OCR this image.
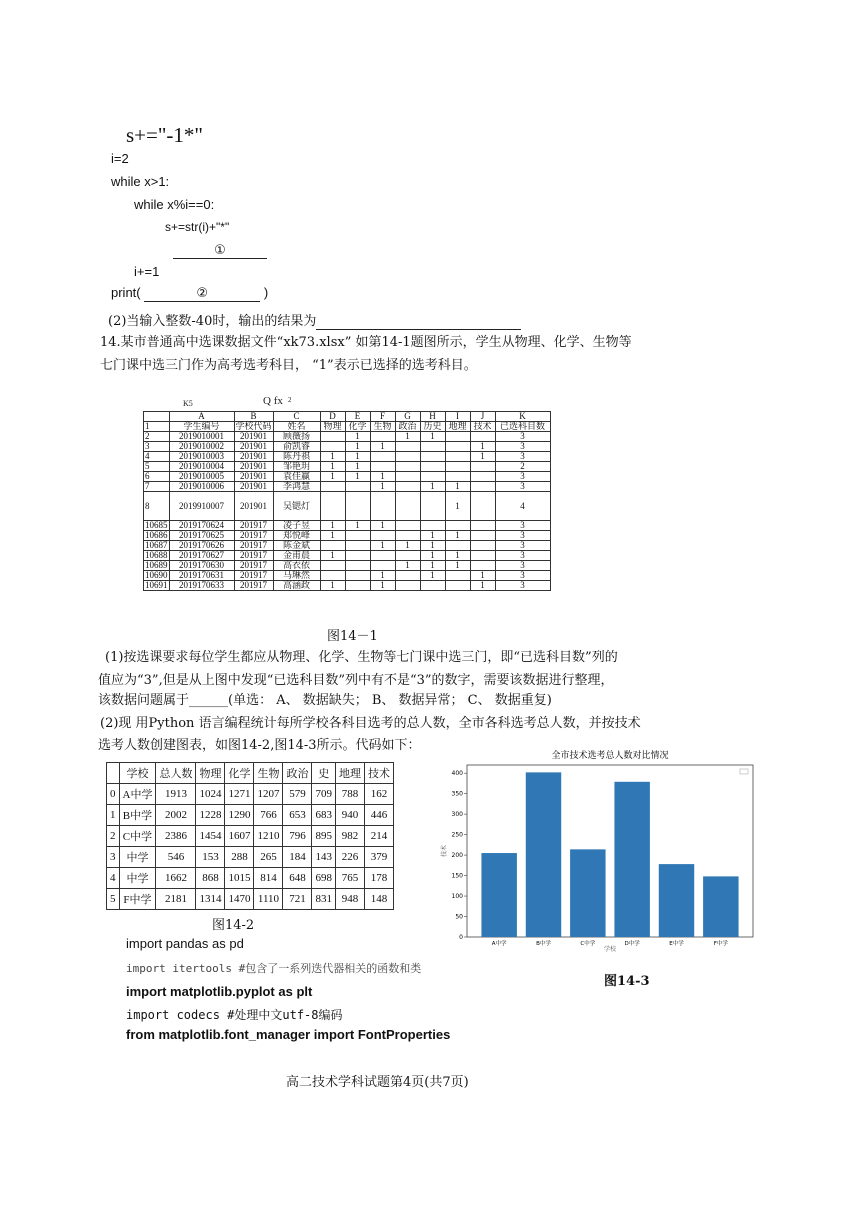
s+="-1*"
i=2
while x>1:
while x%i==0:
s+=str(i)+"*"
①
i+=1
print(	②	)
(2)当输入整数-40时，输出的结果为
14.某市普通高中选课数据文件“xk73.xlsx” 如第14-1题图所示，学生从物理、化学、生物等
七门课中选三门作为高考选考科目， “1”表示已选择的选考科目。
K5	Q fx 2
	A	B	C	D	E	F	G	H	I	J	K
1	学生编号	学校代码	姓名	物理	化学	生物	政治	历史	地理	技术	已选科目数
2	2019010001	201901	顾薇扬		1		1	1			3
3	2019010002	201901	俞凯睿		1	1				1	3
4	2019010003	201901	陈丹祺	1	1					1	3
5	2019010004	201901	邹艳玥	1	1						2
6	2019010005	201901	袁佳赢	1	1	1					3
7	2019010006	201901	李鸿慧			1		1	1		3
8	2019910007	201901	吴锶灯						1		4
10685	2019170624	201917	凌子昱	1	1	1					3
10686	2019170625	201917	郑悦峰	1				1	1		3
10687	2019170626	201917	陈金斌			1	1	1			3
10688	2019170627	201917	金甫晨	1				1	1		3
10689	2019170630	201917	高衣依				1	1	1		3
10690	2019170631	201917	马琳然			1		1		1	3
10691	2019170633	201917	高涵政	1		1				1	3
图14－1
(1)按选课要求每位学生都应从物理、化学、生物等七门课中选三门，即“已选科目数”列的
值应为“3”,但是从上图中发现“已选科目数”列中有不是“3”的数字，需要该数据进行整理，
该数据问题属于______(单选： A、 数据缺失； B、 数据异常； C、 数据重复)
(2)现 用Python 语言编程统计每所学校各科目选考的总人数，全市各科选考总人数，并按技术
选考人数创建图表，如图14-2,图14-3所示。代码如下：
	学校	总人数	物理	化学	生物	政治	史	地理	技术
0	A中学	1913	1024	1271	1207	579	709	788	162
1	B中学	2002	1228	1290	766	653	683	940	446
2	C中学	2386	1454	1607	1210	796	895	982	214
3	中学	546	153	288	265	184	143	226	379
4	中学	1662	868	1015	814	648	698	765	178
5	F中学	2181	1314	1470	1110	721	831	948	148
图14-2
全市技术选考总人数对比情况
技术
学校
0
50
100
150
200
250
300
350
400
A中学	B中学	C中学	D中学	E中学	F中学
图14-3
import pandas as pd
import itertools #包含了一系列迭代器相关的函数和类
import matplotlib.pyplot as plt
import codecs #处理中文utf-8编码
from matplotlib.font_manager import FontProperties
高二技术学科试题第4页(共7页)
